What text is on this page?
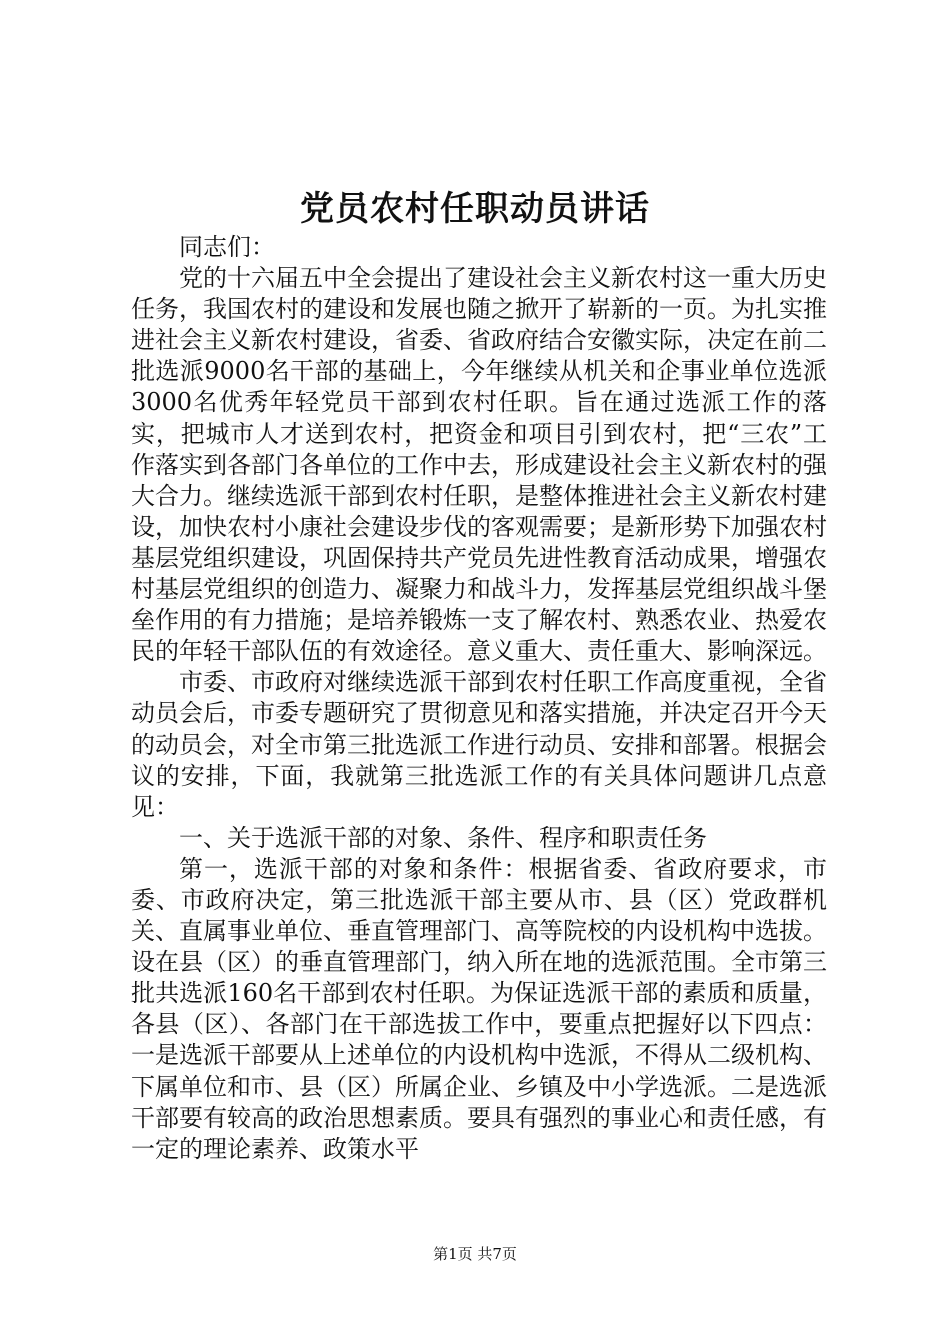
党员农村任职动员讲话

同志们：

党的十六届五中全会提出了建设社会主义新农村这一重大历史任务，我国农村的建设和发展也随之掀开了崭新的一页。为扎实推进社会主义新农村建设，省委、省政府结合安徽实际，决定在前二批选派9000名干部的基础上，今年继续从机关和企事业单位选派3000名优秀年轻党员干部到农村任职。旨在通过选派工作的落实，把城市人才送到农村，把资金和项目引到农村，把“三农”工作落实到各部门各单位的工作中去，形成建设社会主义新农村的强大合力。继续选派干部到农村任职，是整体推进社会主义新农村建设，加快农村小康社会建设步伐的客观需要；是新形势下加强农村基层党组织建设，巩固保持共产党员先进性教育活动成果，增强农村基层党组织的创造力、凝聚力和战斗力，发挥基层党组织战斗堡垒作用的有力措施；是培养锻炼一支了解农村、熟悉农业、热爱农民的年轻干部队伍的有效途径。意义重大、责任重大、影响深远。

市委、市政府对继续选派干部到农村任职工作高度重视，全省动员会后，市委专题研究了贯彻意见和落实措施，并决定召开今天的动员会，对全市第三批选派工作进行动员、安排和部署。根据会议的安排，下面，我就第三批选派工作的有关具体问题讲几点意见：

一、关于选派干部的对象、条件、程序和职责任务

第一，选派干部的对象和条件：根据省委、省政府要求，市委、市政府决定，第三批选派干部主要从市、县（区）党政群机关、直属事业单位、垂直管理部门、高等院校的内设机构中选拔。设在县（区）的垂直管理部门，纳入所在地的选派范围。全市第三批共选派160名干部到农村任职。为保证选派干部的素质和质量，各县（区）、各部门在干部选拔工作中，要重点把握好以下四点：一是选派干部要从上述单位的内设机构中选派，不得从二级机构、下属单位和市、县（区）所属企业、乡镇及中小学选派。二是选派干部要有较高的政治思想素质。要具有强烈的事业心和责任感，有一定的理论素养、政策水平

第1页 共7页
